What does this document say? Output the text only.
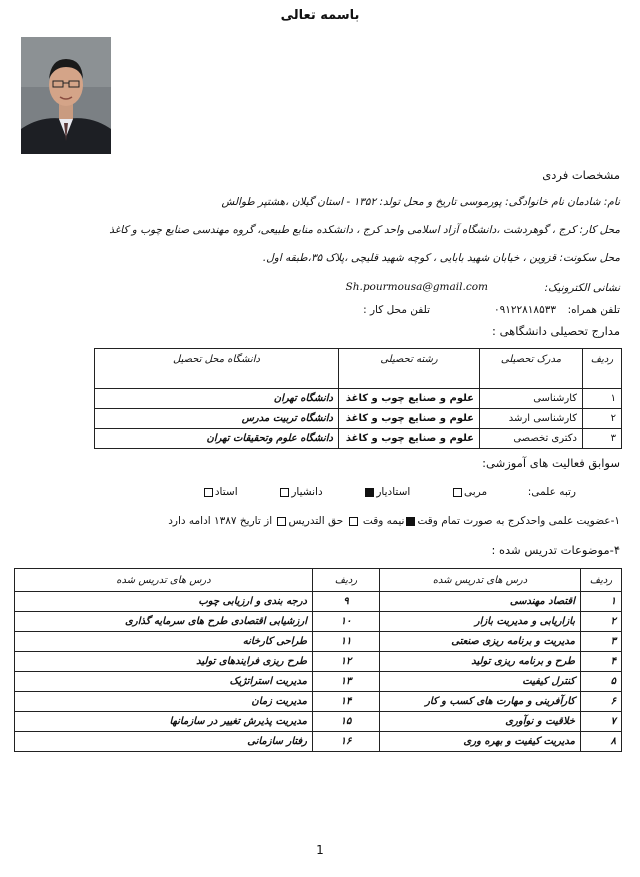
باسمه تعالی
مشخصات فردی
نام: شادمان نام خانوادگی: پورموسی تاریخ و محل تولد: ۱۳۵۲ - استان گیلان ،هشتپر طوالش
محل کار: کرج ، گوهردشت ،دانشگاه آزاد اسلامی واحد کرج ، دانشکده منابع طبیعی، گروه مهندسی صنایع چوب و کاغذ
محل سکونت: قزوین ، خیابان شهید بابایی ، کوچه شهید قلیچی ،پلاک ۳۵،طبقه اول.
نشانی الکترونیک:
Sh.pourmousa@gmail.com
تلفن همراه:
۰۹۱۲۲۸۱۸۵۳۳
تلفن محل کار :
مدارج تحصیلی دانشگاهی :
ردیف	مدرک تحصیلی	رشته تحصیلی	دانشگاه محل تحصیل
۱	کارشناسی	علوم و صنایع چوب و کاغذ	دانشگاه تهران
۲	کارشناسی ارشد	علوم و صنایع چوب و کاغذ	دانشگاه تربیت مدرس
۳	دکتری تخصصی	علوم و صنایع چوب و کاغذ	دانشگاه علوم وتحقیقات تهران
سوابق فعالیت های آموزشی:
رتبه علمی:  مربی  استادیار  دانشیار  استاد
۱-عضویت علمی واحدکرج به صورت تمام وقتنیمه وقت  حق التدریس از تاریخ ۱۳۸۷ ادامه دارد
۴-موضوعات تدریس شده :
ردیف	درس های تدریس شده	ردیف	درس های تدریس شده
۱	اقتصاد مهندسی	۹	درجه بندی و ارزیابی چوب
۲	بازاریابی و مدیریت بازار	۱۰	ارزشیابی اقتصادی طرح های سرمایه گذاری
۳	مدیریت و برنامه ریزی صنعتی	۱۱	طراحی کارخانه
۴	طرح و برنامه ریزی تولید	۱۲	طرح ریزی فرایندهای تولید
۵	کنترل کیفیت	۱۳	مدیریت استراتژیک
۶	کارآفرینی و مهارت های کسب و کار	۱۴	مدیریت زمان
۷	خلاقیت و نوآوری	۱۵	مدیریت پذیرش تغییر در سازمانها
۸	مدیریت کیفیت و بهره وری	۱۶	رفتار سازمانی
1
